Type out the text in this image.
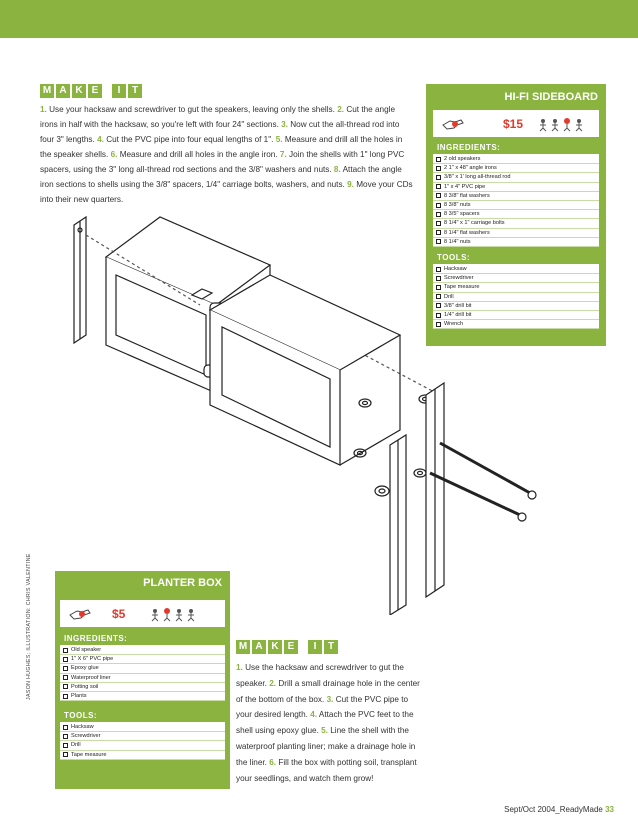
M A K E	I	T
1. Use your hacksaw and screwdriver to gut the speakers, leaving only the shells. 2. Cut the angle irons in half with the hacksaw, so you're left with four 24" sections. 3. Now cut the all-thread rod into four 3" lengths. 4. Cut the PVC pipe into four equal lengths of 1". 5. Measure and drill all the holes in the speaker shells. 6. Measure and drill all holes in the angle iron. 7. Join the shells with 1" long PVC spacers, using the 3" long all-thread rod sections and the 3/8" washers and nuts. 8. Attach the angle iron sections to shells using the 3/8" spacers, 1/4" carriage bolts, washers, and nuts. 9. Move your CDs into their new quarters.
HI-FI SIDEBOARD
$15
INGREDIENTS:
2 old speakers
2 1" x 48" angle irons
3/8" x 1' long all-thread rod
1" x 4" PVC pipe
8 3/8" flat washers
8 3/8" nuts
8 3/5" spacers
8 1/4" x 1" carriage bolts
8 1/4" flat washers
8 1/4" nuts
TOOLS:
Hacksaw
Screwdriver
Tape measure
Drill
3/8" drill bit
1/4" drill bit
Wrench
PLANTER BOX
$5
INGREDIENTS:
Old speaker
1" X 6" PVC pipe
Epoxy glue
Waterproof liner
Potting soil
Plants
TOOLS:
Hacksaw
Screwdriver
Drill
Tape measure
M A K E	I	T
1. Use the hacksaw and screwdriver to gut the speaker. 2. Drill a small drainage hole in the center of the bottom of the box. 3. Cut the PVC pipe to your desired length. 4. Attach the PVC feet to the shell using epoxy glue. 5. Line the shell with the waterproof planting liner; make a drainage hole in the liner. 6. Fill the box with potting soil, transplant your seedlings, and watch them grow!
JASON HUGHES; ILLUSTRATION: CHRIS VALENTINE
Sept/Oct 2004_ReadyMade 33
